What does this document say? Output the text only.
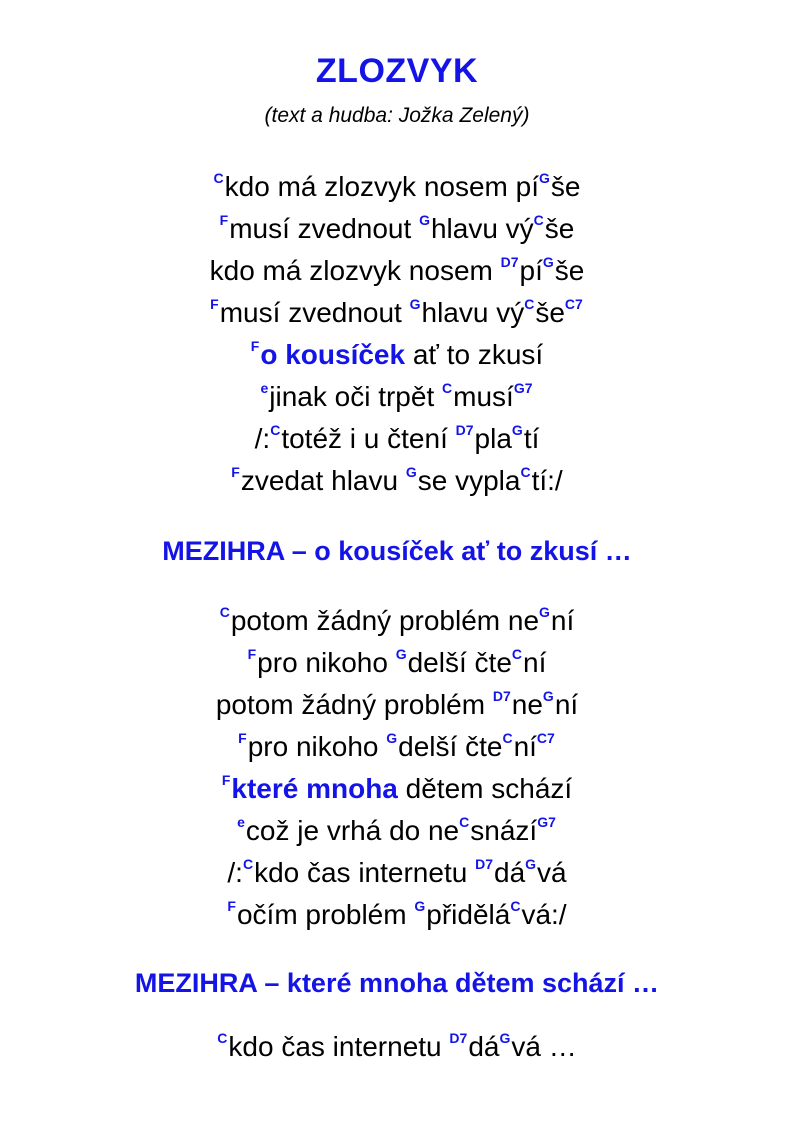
ZLOZVYK
(text a hudba: Jožka Zelený)
$^C$kdo má zlozvyk nosem $pí^Gše$
$^F$musí zvednout $^G$hlavu $vý^Cše$
kdo má zlozvyk nosem $^{D7}pí^Gše$
$^F$musí zvednout $^G$hlavu $vý^Cše^{C7}$
$^F$o kousíček ať to zkusí
$^e$jinak oči trpět $^C$musí$^{G7}$
/:$^C$totéž i u čtení $^{D7}$pla$^G$tí
$^F$zvedat hlavu $^G$se vypla$^C$tí:/
MEZIHRA – o kousíček ať to zkusí …
$^C$potom žádný problém $ne^Gní$
$^F$pro nikoho $^G$delší čte$^C$ní
potom žádný problém $^{D7}ne^Gní$
$^F$pro nikoho $^G$delší $čte^Cní^{C7}$
$^F$které mnoha dětem schází
$^e$což je vrhá do $ne^Csnází^{G7}$
/:$^C$kdo čas internetu $^{D7}dá^Gvá$
$^F$očím problém $^G$přidělá$^C$vá:/
MEZIHRA – které mnoha dětem schází …
$^C$kdo čas internetu $^{D7}dá^Gvá$ …
